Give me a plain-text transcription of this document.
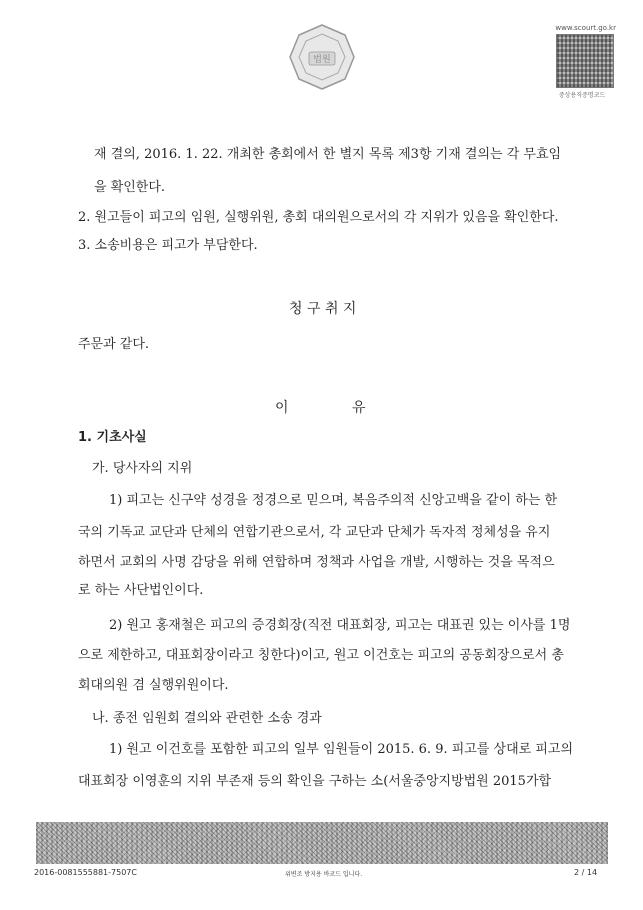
법원
www.scourt.go.kr
중상용직증명코드
재 결의, 2016. 1. 22. 개최한 총회에서 한 별지 목록 제3항 기재 결의는 각 무효임
을 확인한다.
2. 원고들이 피고의 임원, 실행위원, 총회 대의원으로서의 각 지위가 있음을 확인한다.
3. 소송비용은 피고가 부담한다.
청 구 취 지
주문과 같다.
이	유
1. 기초사실
가. 당사자의 지위
1) 피고는 신구약 성경을 정경으로 믿으며, 복음주의적 신앙고백을 같이 하는 한
국의 기독교 교단과 단체의 연합기관으로서, 각 교단과 단체가 독자적 정체성을 유지
하면서 교회의 사명 감당을 위해 연합하며 정책과 사업을 개발, 시행하는 것을 목적으
로 하는 사단법인이다.
2) 원고 홍재철은 피고의 증경회장(직전 대표회장, 피고는 대표권 있는 이사를 1명
으로 제한하고, 대표회장이라고 칭한다)이고, 원고 이건호는 피고의 공동회장으로서 총
회대의원 겸 실행위원이다.
나. 종전 임원회 결의와 관련한 소송 경과
1) 원고 이건호를 포함한 피고의 일부 임원들이 2015. 6. 9. 피고를 상대로 피고의
대표회장 이영훈의 지위 부존재 등의 확인을 구하는 소(서울중앙지방법원 2015가합
2016-0081555881-7507C	위변조 방지용 바코드 입니다.	2 / 14
